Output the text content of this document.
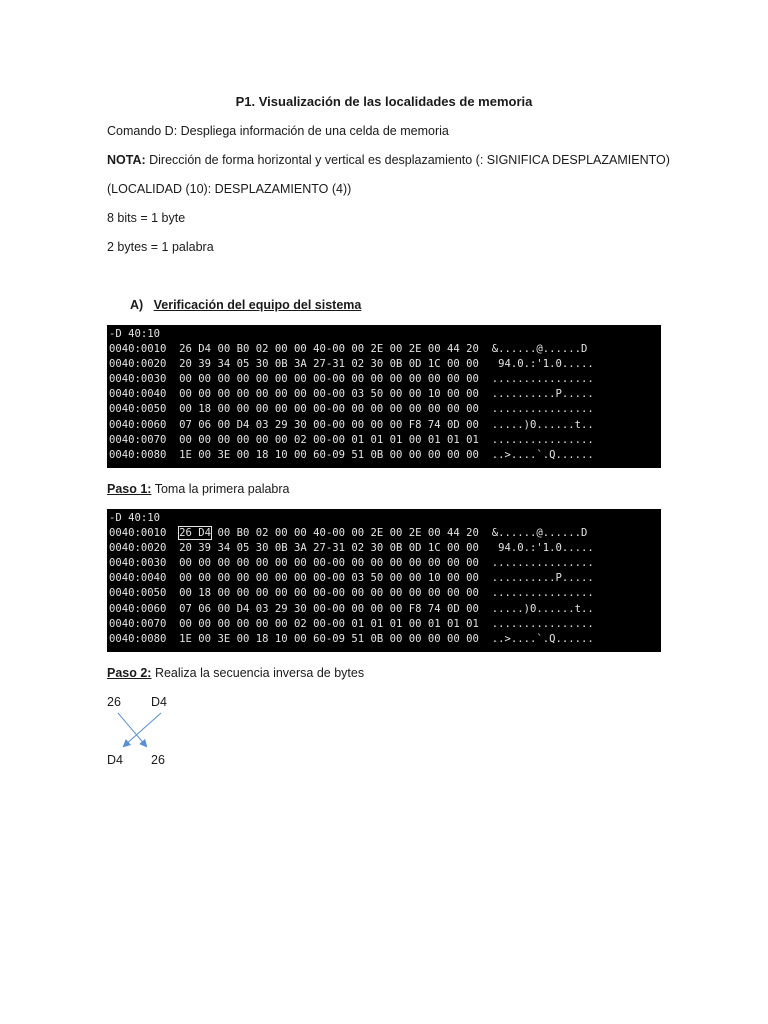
P1. Visualización de las localidades de memoria
Comando D: Despliega información de una celda de memoria
NOTA: Dirección de forma horizontal y vertical es desplazamiento (: SIGNIFICA DESPLAZAMIENTO)
(LOCALIDAD (10): DESPLAZAMIENTO (4))
8 bits = 1 byte
2 bytes = 1 palabra
A) Verificación del equipo del sistema
-D 40:10
0040:0010 26 D4 00 B0 02 00 00 40-00 00 2E 00 2E 00 44 20 &......@......D
0040:0020 20 39 34 05 30 0B 3A 27-31 02 30 0B 0D 1C 00 00   94.0.:'1.0.....
0040:0030 00 00 00 00 00 00 00 00-00 00 00 00 00 00 00 00 ................
0040:0040 00 00 00 00 00 00 00 00-00 03 50 00 00 10 00 00 ..........P.....
0040:0050 00 18 00 00 00 00 00 00-00 00 00 00 00 00 00 00 ................
0040:0060 07 06 00 D4 03 29 30 00-00 00 00 00 F8 74 0D 00 .....)0......t..
0040:0070 00 00 00 00 00 00 02 00-00 01 01 01 00 01 01 01 ................
0040:0080 1E 00 3E 00 18 10 00 60-09 51 0B 00 00 00 00 00 ..>....`.Q......
Paso 1: Toma la primera palabra
-D 40:10
0040:0010 26 D4 00 B0 02 00 00 40-00 00 2E 00 2E 00 44 20 &......@......D
0040:0020 20 39 34 05 30 0B 3A 27-31 02 30 0B 0D 1C 00 00   94.0.:'1.0.....
0040:0030 00 00 00 00 00 00 00 00-00 00 00 00 00 00 00 00 ................
0040:0040 00 00 00 00 00 00 00 00-00 03 50 00 00 10 00 00 ..........P.....
0040:0050 00 18 00 00 00 00 00 00-00 00 00 00 00 00 00 00 ................
0040:0060 07 06 00 D4 03 29 30 00-00 00 00 00 F8 74 0D 00 .....)0......t..
0040:0070 00 00 00 00 00 00 02 00-00 01 01 01 00 01 01 01 ................
0040:0080 1E 00 3E 00 18 10 00 60-09 51 0B 00 00 00 00 00 ..>....`.Q......
Paso 2: Realiza la secuencia inversa de bytes
26 D4
D4 26
